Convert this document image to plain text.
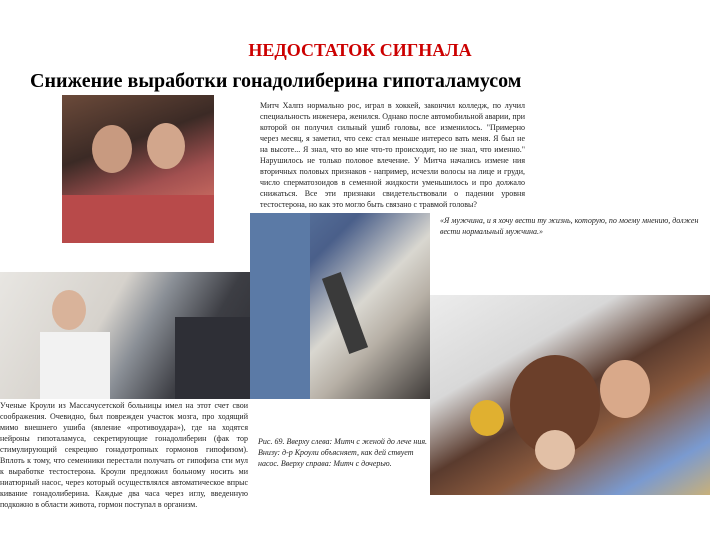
НЕДОСТАТОК СИГНАЛА
Снижение выработки гонадолиберина гипоталамусом
Митч Халпз нормально рос, играл в хоккей, закончил колледж, по лучил специальность инженера, женился. Однако после автомобильной аварии, при которой он получил сильный ушиб головы, все изменилось. "Примерно через месяц, я заметил, что секс стал меньше интересо вать меня. Я был не на высоте... Я знал, что во мне что-то происходит, но не знал, что именно." Нарушилось не только половое влечение. У Митча начались измене ния вторичных половых признаков - например, исчезли волосы на лице и груди, число сперматозоидов в семенной жидкости уменьшилось и про должало снижаться. Все эти признаки свидетельствовали о падении уровня тестостерона, но как это могло быть связано с травмой головы?
«Я мужчина, и я хочу вести ту жизнь, которую, по моему мнению, должен вести нормальный мужчина.»
Ученые Кроули из Массачусетской больницы имел на этот счет свои соображения. Очевидно, был поврежден участок мозга, про ходящий мимо внешнего ушиба (явление «противоудара»), где на ходятся нейроны гипоталамуса, секретирующие гонадолиберин (фак тор стимулирующий секрецию гонадотропных гормонов гипофизом). Вплоть к тому, что семенники перестали получать от гипофиза сти мул к выработке тестостерона. Кроули предложил больному носить ми ниатюрный насос, через который осуществлялся автоматическое впрыс кивание гонадолиберина. Каждые два часа через иглу, введенную подкожно в области живота, гормон поступал в организм.
Рис. 69. Вверху слева: Митч с женой до лече ния. Внизу: д-р Кроули объясняет, как дей ствует насос. Вверху справа: Митч с дочерью.
